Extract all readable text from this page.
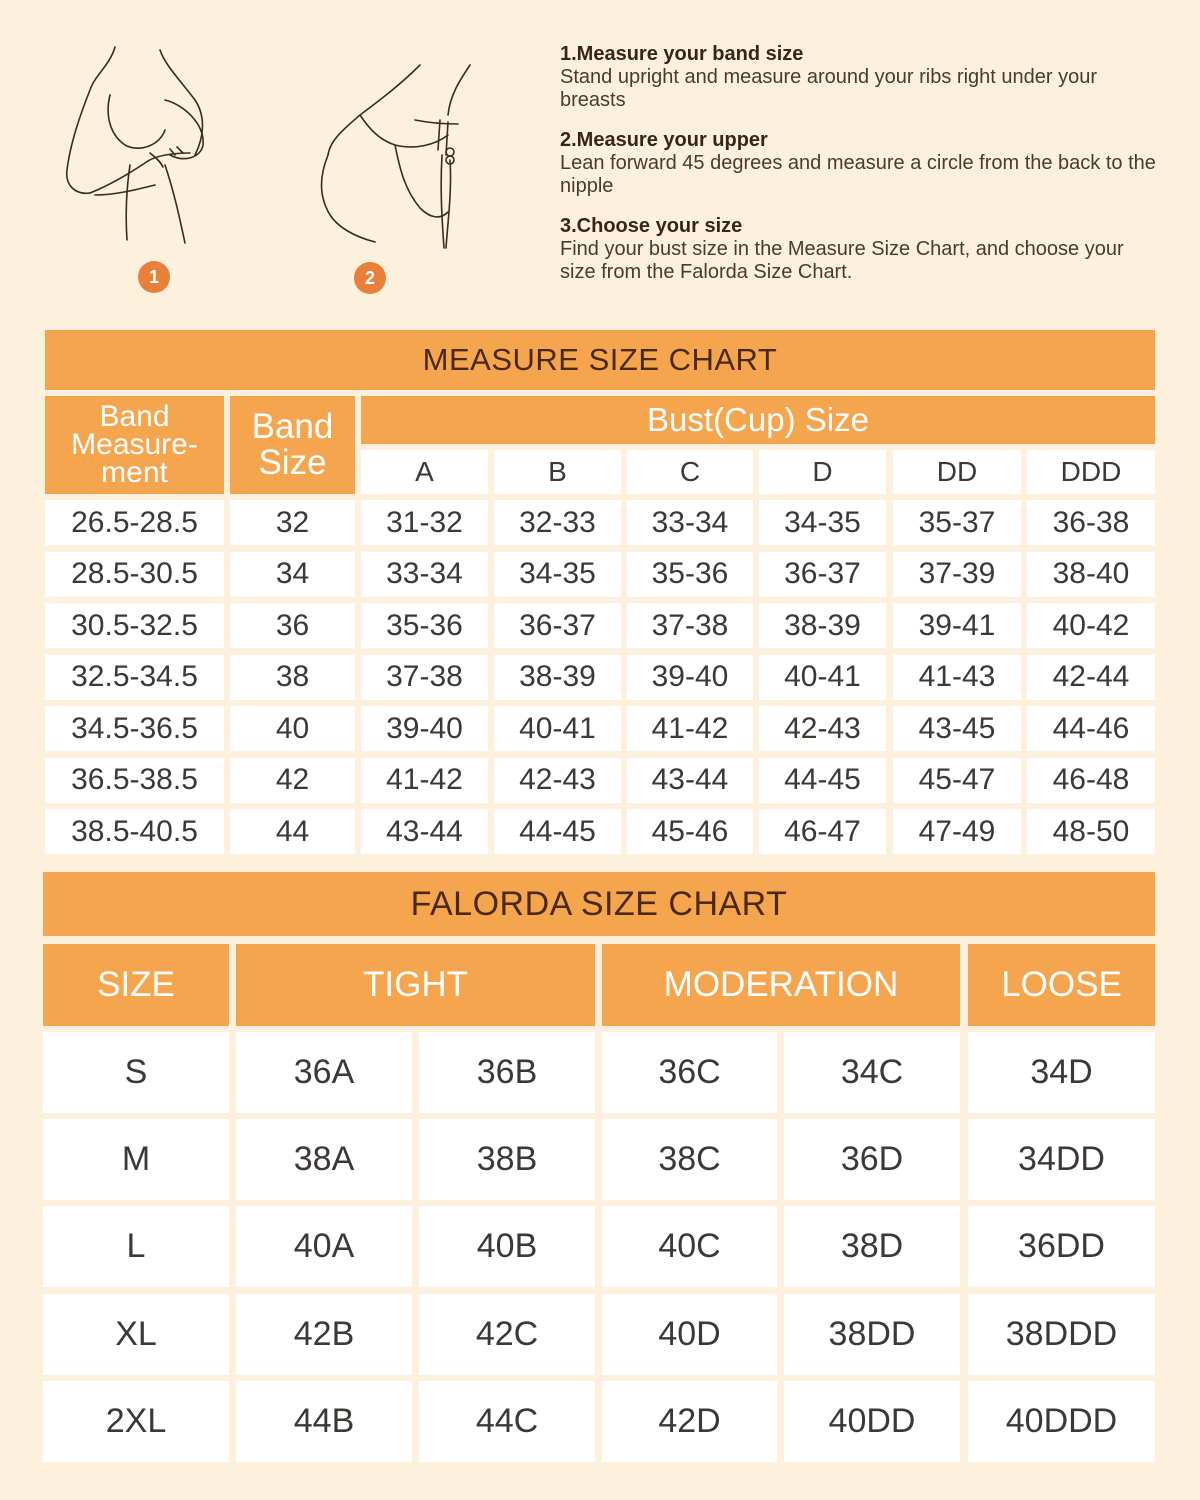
1	2
1.Measure your band size
Stand upright and measure around your ribs right under your breasts
2.Measure your upper
Lean forward 45 degrees and measure a circle from the back to the nipple
3.Choose your size
Find your bust size in the Measure Size Chart, and choose your size from the Falorda Size Chart.
MEASURE SIZE CHART
Band Measure-ment
Band Size
Bust(Cup) Size
A	B	C	D	DD	DDD
26.5-28.5	32	31-32	32-33	33-34	34-35	35-37	36-38
28.5-30.5	34	33-34	34-35	35-36	36-37	37-39	38-40
30.5-32.5	36	35-36	36-37	37-38	38-39	39-41	40-42
32.5-34.5	38	37-38	38-39	39-40	40-41	41-43	42-44
34.5-36.5	40	39-40	40-41	41-42	42-43	43-45	44-46
36.5-38.5	42	41-42	42-43	43-44	44-45	45-47	46-48
38.5-40.5	44	43-44	44-45	45-46	46-47	47-49	48-50
FALORDA SIZE CHART
SIZE	TIGHT	MODERATION	LOOSE
S	36A	36B	36C	34C	34D
M	38A	38B	38C	36D	34DD
L	40A	40B	40C	38D	36DD
XL	42B	42C	40D	38DD	38DDD
2XL	44B	44C	42D	40DD	40DDD
